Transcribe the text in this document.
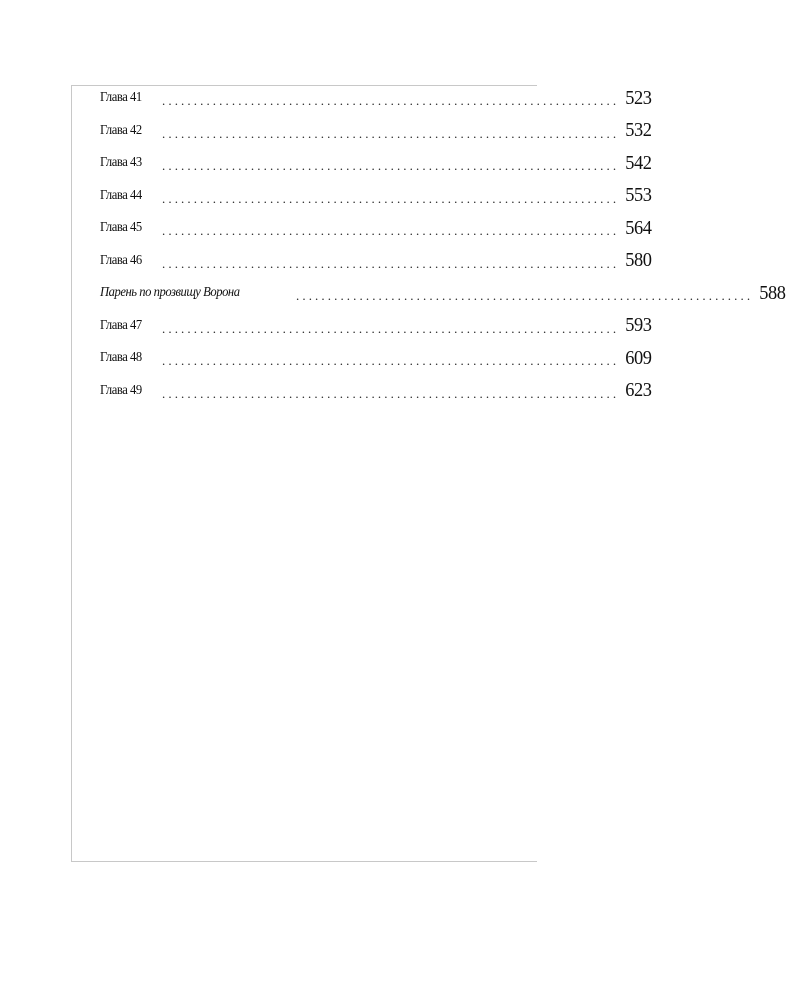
Глава 41	........................................................................ 523
Глава 42	........................................................................ 532
Глава 43	........................................................................ 542
Глава 44	........................................................................ 553
Глава 45	........................................................................ 564
Глава 46	........................................................................ 580
Парень по прозвищу Ворона	........................................................................ 588
Глава 47	........................................................................ 593
Глава 48	........................................................................ 609
Глава 49	........................................................................ 623
